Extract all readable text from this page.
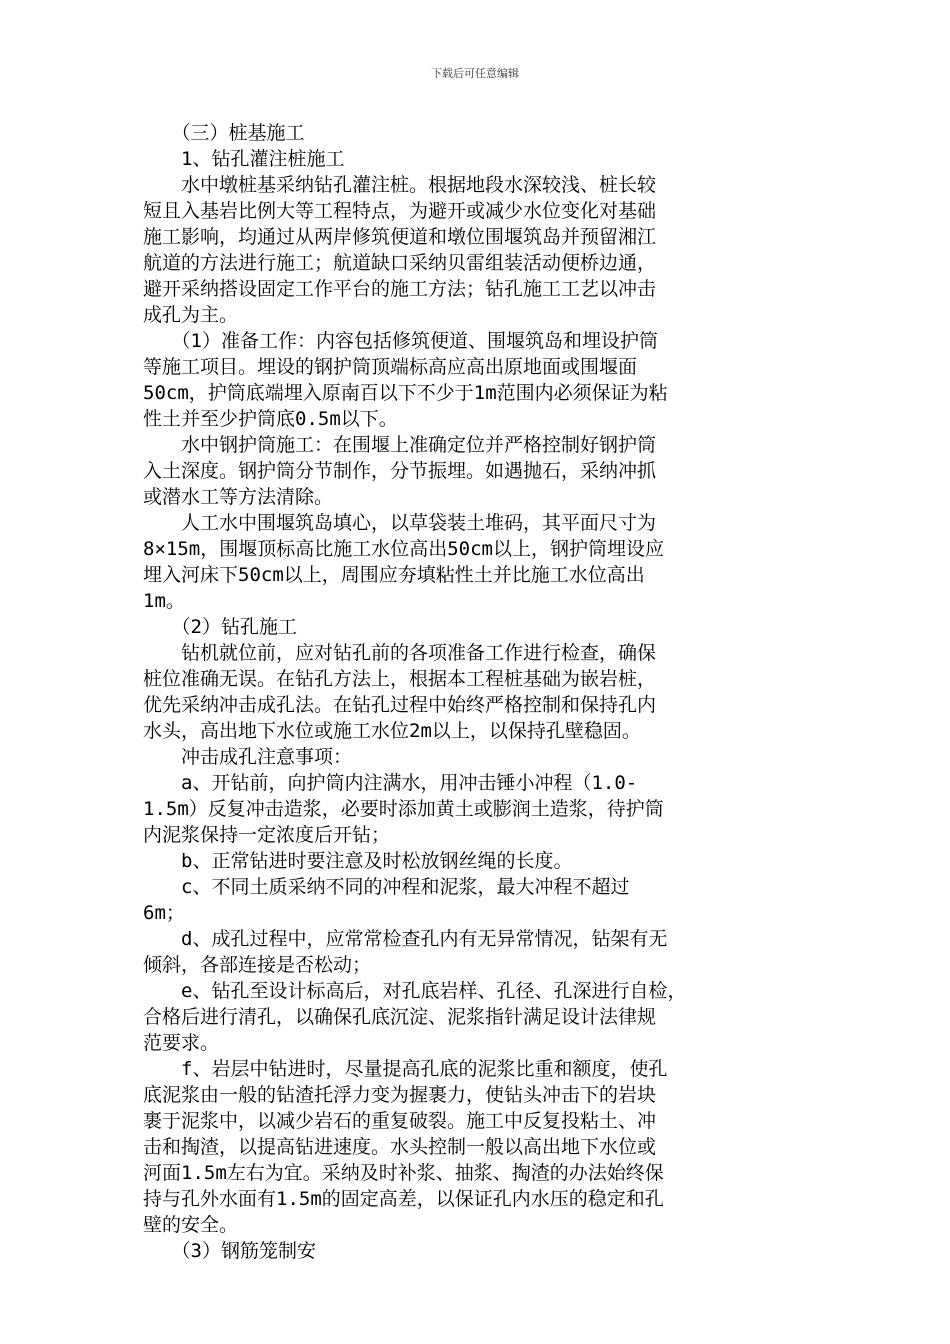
下载后可任意编辑
　　（三）桩基施工
　　1、钻孔灌注桩施工
　　水中墩桩基采纳钻孔灌注桩。根据地段水深较浅、桩长较
短且入基岩比例大等工程特点，为避开或减少水位变化对基础
施工影响，均通过从两岸修筑便道和墩位围堰筑岛并预留湘江
航道的方法进行施工；航道缺口采纳贝雷组装活动便桥边通，
避开采纳搭设固定工作平台的施工方法；钻孔施工工艺以冲击
成孔为主。
　　（1）准备工作：内容包括修筑便道、围堰筑岛和埋设护筒
等施工项目。埋设的钢护筒顶端标高应高出原地面或围堰面
50cm，护筒底端埋入原南百以下不少于1m范围内必须保证为粘
性土并至少护筒底0.5m以下。
　　水中钢护筒施工：在围堰上准确定位并严格控制好钢护筒
入土深度。钢护筒分节制作，分节振埋。如遇抛石，采纳冲抓
或潜水工等方法清除。
　　人工水中围堰筑岛填心，以草袋装土堆码，其平面尺寸为
8×15m，围堰顶标高比施工水位高出50cm以上，钢护筒埋设应
埋入河床下50cm以上，周围应夯填粘性土并比施工水位高出
1m。
　　（2）钻孔施工
　　钻机就位前，应对钻孔前的各项准备工作进行检查，确保
桩位准确无误。在钻孔方法上，根据本工程桩基础为嵌岩桩，
优先采纳冲击成孔法。在钻孔过程中始终严格控制和保持孔内
水头，高出地下水位或施工水位2m以上，以保持孔壁稳固。
　　冲击成孔注意事项：
　　a、开钻前，向护筒内注满水，用冲击锤小冲程（1.0-
1.5m）反复冲击造浆，必要时添加黄土或膨润土造浆，待护筒
内泥浆保持一定浓度后开钻；
　　b、正常钻进时要注意及时松放钢丝绳的长度。
　　c、不同土质采纳不同的冲程和泥浆，最大冲程不超过
6m；
　　d、成孔过程中，应常常检查孔内有无异常情况，钻架有无
倾斜，各部连接是否松动；
　　e、钻孔至设计标高后，对孔底岩样、孔径、孔深进行自检，
合格后进行清孔，以确保孔底沉淀、泥浆指针满足设计法律规
范要求。
　　f、岩层中钻进时，尽量提高孔底的泥浆比重和额度，使孔
底泥浆由一般的钻渣托浮力变为握裹力，使钻头冲击下的岩块
裹于泥浆中，以减少岩石的重复破裂。施工中反复投粘土、冲
击和掏渣，以提高钻进速度。水头控制一般以高出地下水位或
河面1.5m左右为宜。采纳及时补浆、抽浆、掏渣的办法始终保
持与孔外水面有1.5m的固定高差，以保证孔内水压的稳定和孔
壁的安全。
　　（3）钢筋笼制安
